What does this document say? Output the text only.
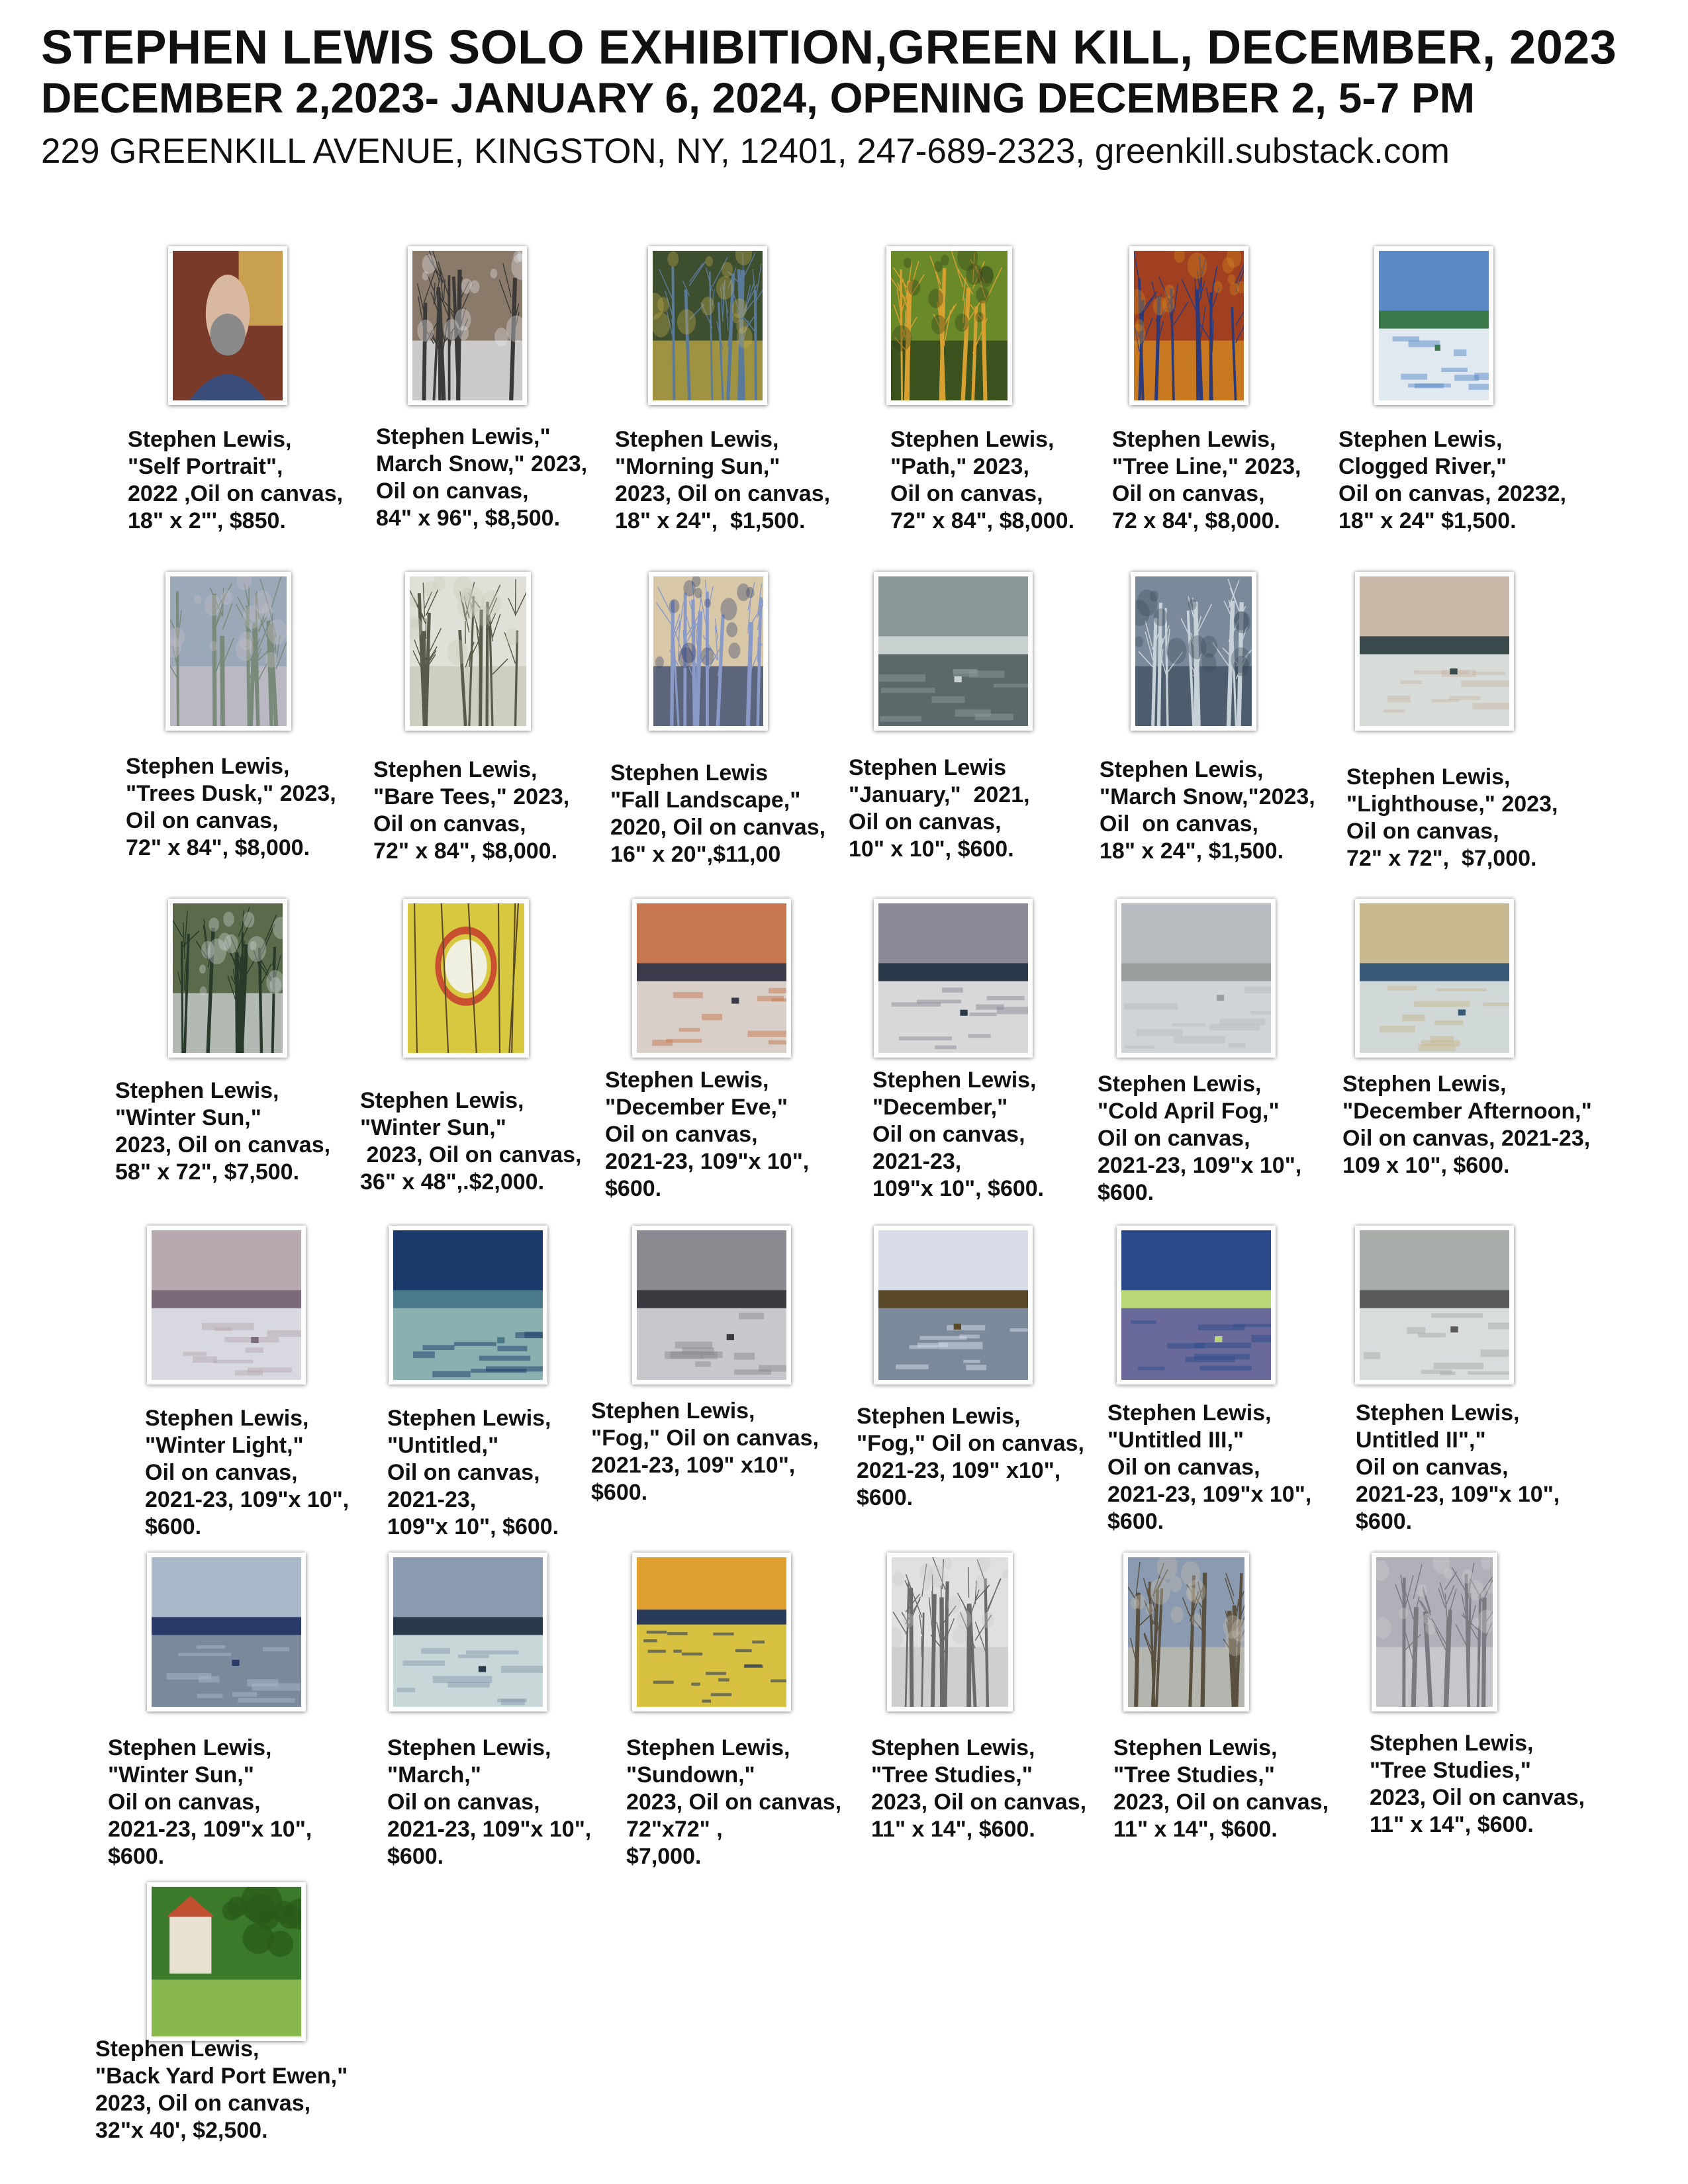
STEPHEN LEWIS SOLO EXHIBITION,GREEN KILL, DECEMBER, 2023
DECEMBER 2,2023- JANUARY 6, 2024, OPENING DECEMBER 2, 5-7 PM
229 GREENKILL AVENUE, KINGSTON, NY, 12401, 247-689-2323, greenkill.substack.com
Stephen Lewis,
"Self Portrait",
2022 ,Oil on canvas,
18" x 2"', $850.
Stephen Lewis,"
March Snow," 2023,
Oil on canvas,
84" x 96", $8,500.
Stephen Lewis,
"Morning Sun,"
2023, Oil on canvas,
18" x 24",  $1,500.
Stephen Lewis,
"Path," 2023,
Oil on canvas,
72" x 84", $8,000.
Stephen Lewis,
"Tree Line," 2023,
Oil on canvas,
72 x 84', $8,000.
Stephen Lewis,
Clogged River,"
Oil on canvas, 20232,
18" x 24" $1,500.
Stephen Lewis,
"Trees Dusk," 2023,
Oil on canvas,
72" x 84", $8,000.
Stephen Lewis,
"Bare Tees," 2023,
Oil on canvas,
72" x 84", $8,000.
Stephen Lewis
"Fall Landscape,"
2020, Oil on canvas,
16" x 20",$11,00
Stephen Lewis
"January,"  2021,
Oil on canvas,
10" x 10", $600.
Stephen Lewis,
"March Snow,"2023,
Oil  on canvas,
18" x 24", $1,500.
Stephen Lewis,
"Lighthouse," 2023,
Oil on canvas,
72" x 72",  $7,000.
Stephen Lewis,
"Winter Sun,"
2023, Oil on canvas,
58" x 72", $7,500.
Stephen Lewis,
"Winter Sun,"
2023, Oil on canvas,
36" x 48",.$2,000.
Stephen Lewis,
"December Eve,"
Oil on canvas,
2021-23, 109"x 10",
$600.
Stephen Lewis,
"December,"
Oil on canvas,
2021-23,
109"x 10", $600.
Stephen Lewis,
"Cold April Fog,"
Oil on canvas,
2021-23, 109"x 10",
$600.
Stephen Lewis,
"December Afternoon,"
Oil on canvas, 2021-23,
109 x 10", $600.
Stephen Lewis,
"Winter Light,"
Oil on canvas,
2021-23, 109"x 10",
$600.
Stephen Lewis,
"Untitled,"
Oil on canvas,
2021-23,
109"x 10", $600.
Stephen Lewis,
"Fog," Oil on canvas,
2021-23, 109" x10",
$600.
Stephen Lewis,
"Fog," Oil on canvas,
2021-23, 109" x10",
$600.
Stephen Lewis,
"Untitled III,"
Oil on canvas,
2021-23, 109"x 10",
$600.
Stephen Lewis,
Untitled II","
Oil on canvas,
2021-23, 109"x 10",
$600.
Stephen Lewis,
"Winter Sun,"
Oil on canvas,
2021-23, 109"x 10",
$600.
Stephen Lewis,
"March,"
Oil on canvas,
2021-23, 109"x 10",
$600.
Stephen Lewis,
"Sundown,"
2023, Oil on canvas,
72"x72" ,
$7,000.
Stephen Lewis,
"Tree Studies,"
2023, Oil on canvas,
11" x 14", $600.
Stephen Lewis,
"Tree Studies,"
2023, Oil on canvas,
11" x 14", $600.
Stephen Lewis,
"Tree Studies,"
2023, Oil on canvas,
11" x 14", $600.
Stephen Lewis,
"Back Yard Port Ewen,"
2023, Oil on canvas,
32"x 40', $2,500.
